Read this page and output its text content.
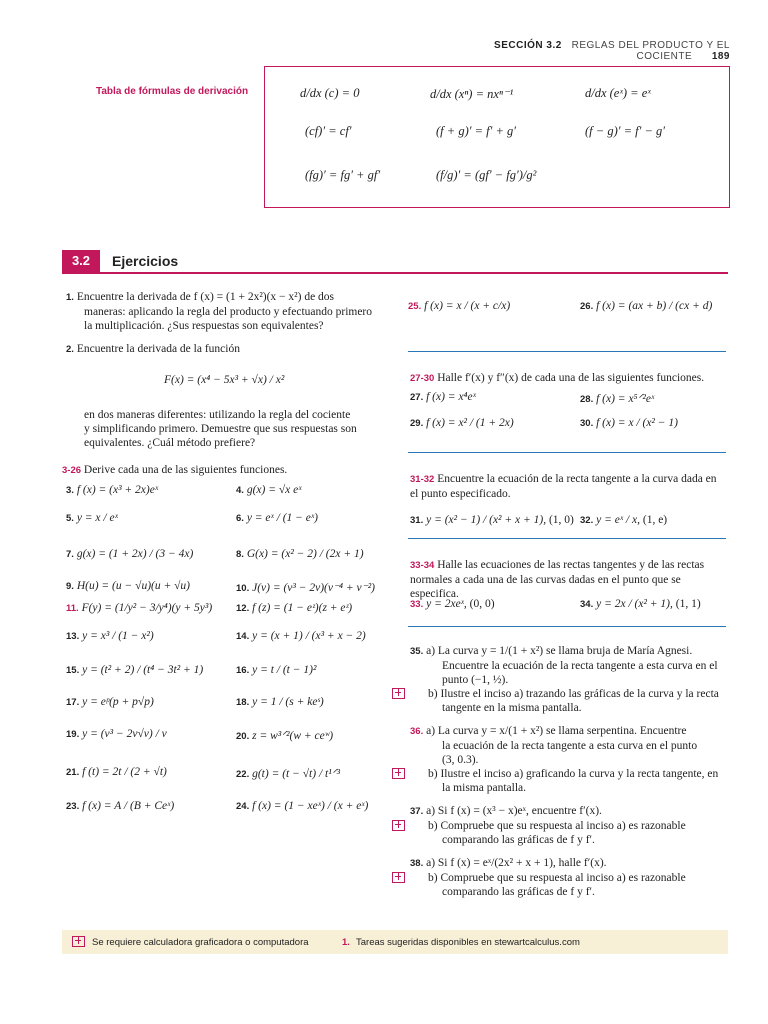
SECCIÓN 3.2 REGLAS DEL PRODUCTO Y EL COCIENTE 189
Tabla de fórmulas de derivación	d/dx (c) = 0	d/dx (xⁿ) = nxⁿ⁻¹	d/dx (eˣ) = eˣ
(cf)′ = cf′	(f + g)′ = f′ + g′	(f − g)′ = f′ − g′
(fg)′ = fg′ + gf′	(f/g)′ = (gf′ − fg′)/g²
3.2	Ejercicios
1. Encuentre la derivada de f (x) = (1 + 2x²)(x − x²) de dos
maneras: aplicando la regla del producto y efectuando primero
la multiplicación. ¿Sus respuestas son equivalentes?
2. Encuentre la derivada de la función
F(x) = (x⁴ − 5x³ + √x) / x²
en dos maneras diferentes: utilizando la regla del cociente
y simplificando primero. Demuestre que sus respuestas son
equivalentes. ¿Cuál método prefiere?
3-26 Derive cada una de las siguientes funciones.
3. f (x) = (x³ + 2x)eˣ	4. g(x) = √x eˣ
5. y = x / eˣ	6. y = eˣ / (1 − eˣ)
7. g(x) = (1 + 2x) / (3 − 4x)	8. G(x) = (x² − 2) / (2x + 1)
9. H(u) = (u − √u)(u + √u)	10. J(v) = (v³ − 2v)(v⁻⁴ + v⁻²)
11. F(y) = (1/y² − 3/y⁴)(y + 5y³)	12. f (z) = (1 − eᶻ)(z + eᶻ)
13. y = x³ / (1 − x²)	14. y = (x + 1) / (x³ + x − 2)
15. y = (t² + 2) / (t⁴ − 3t² + 1)	16. y = t / (t − 1)²
17. y = eᵖ(p + p√p)	18. y = 1 / (s + keˢ)
19. y = (v³ − 2v√v) / v	20. z = w³ᐟ²(w + ceʷ)
21. f (t) = 2t / (2 + √t)	22. g(t) = (t − √t) / t¹ᐟ³
23. f (x) = A / (B + Ceˣ)	24. f (x) = (1 − xeˣ) / (x + eˣ)
25. f (x) = x / (x + c/x)	26. f (x) = (ax + b) / (cx + d)
27-30 Halle f′(x) y f″(x) de cada una de las siguientes funciones.
27. f (x) = x⁴eˣ	28. f (x) = x⁵ᐟ²eˣ
29. f (x) = x² / (1 + 2x)	30. f (x) = x / (x² − 1)
31-32 Encuentre la ecuación de la recta tangente a la curva dada en
el punto especificado.
31. y = (x² − 1) / (x² + x + 1), (1, 0) 32. y = eˣ / x, (1, e)
33-34 Halle las ecuaciones de las rectas tangentes y de las rectas
normales a cada una de las curvas dadas en el punto que se especifica.
33. y = 2xeˣ, (0, 0)	34. y = 2x / (x² + 1), (1, 1)
35. a) La curva y = 1/(1 + x²) se llama bruja de María Agnesi.
Encuentre la ecuación de la recta tangente a esta curva en el
punto (−1, ½).
b) Ilustre el inciso a) trazando las gráficas de la curva y la recta
tangente en la misma pantalla.
36. a) La curva y = x/(1 + x²) se llama serpentina. Encuentre
la ecuación de la recta tangente a esta curva en el punto
(3, 0.3).
b) Ilustre el inciso a) graficando la curva y la recta tangente, en
la misma pantalla.
37. a) Si f (x) = (x³ − x)eˣ, encuentre f′(x).
b) Compruebe que su respuesta al inciso a) es razonable
comparando las gráficas de f y f′.
38. a) Si f (x) = eˣ/(2x² + x + 1), halle f′(x).
b) Compruebe que su respuesta al inciso a) es razonable
comparando las gráficas de f y f′.
Se requiere calculadora graficadora o computadora	1. Tareas sugeridas disponibles en stewartcalculus.com
